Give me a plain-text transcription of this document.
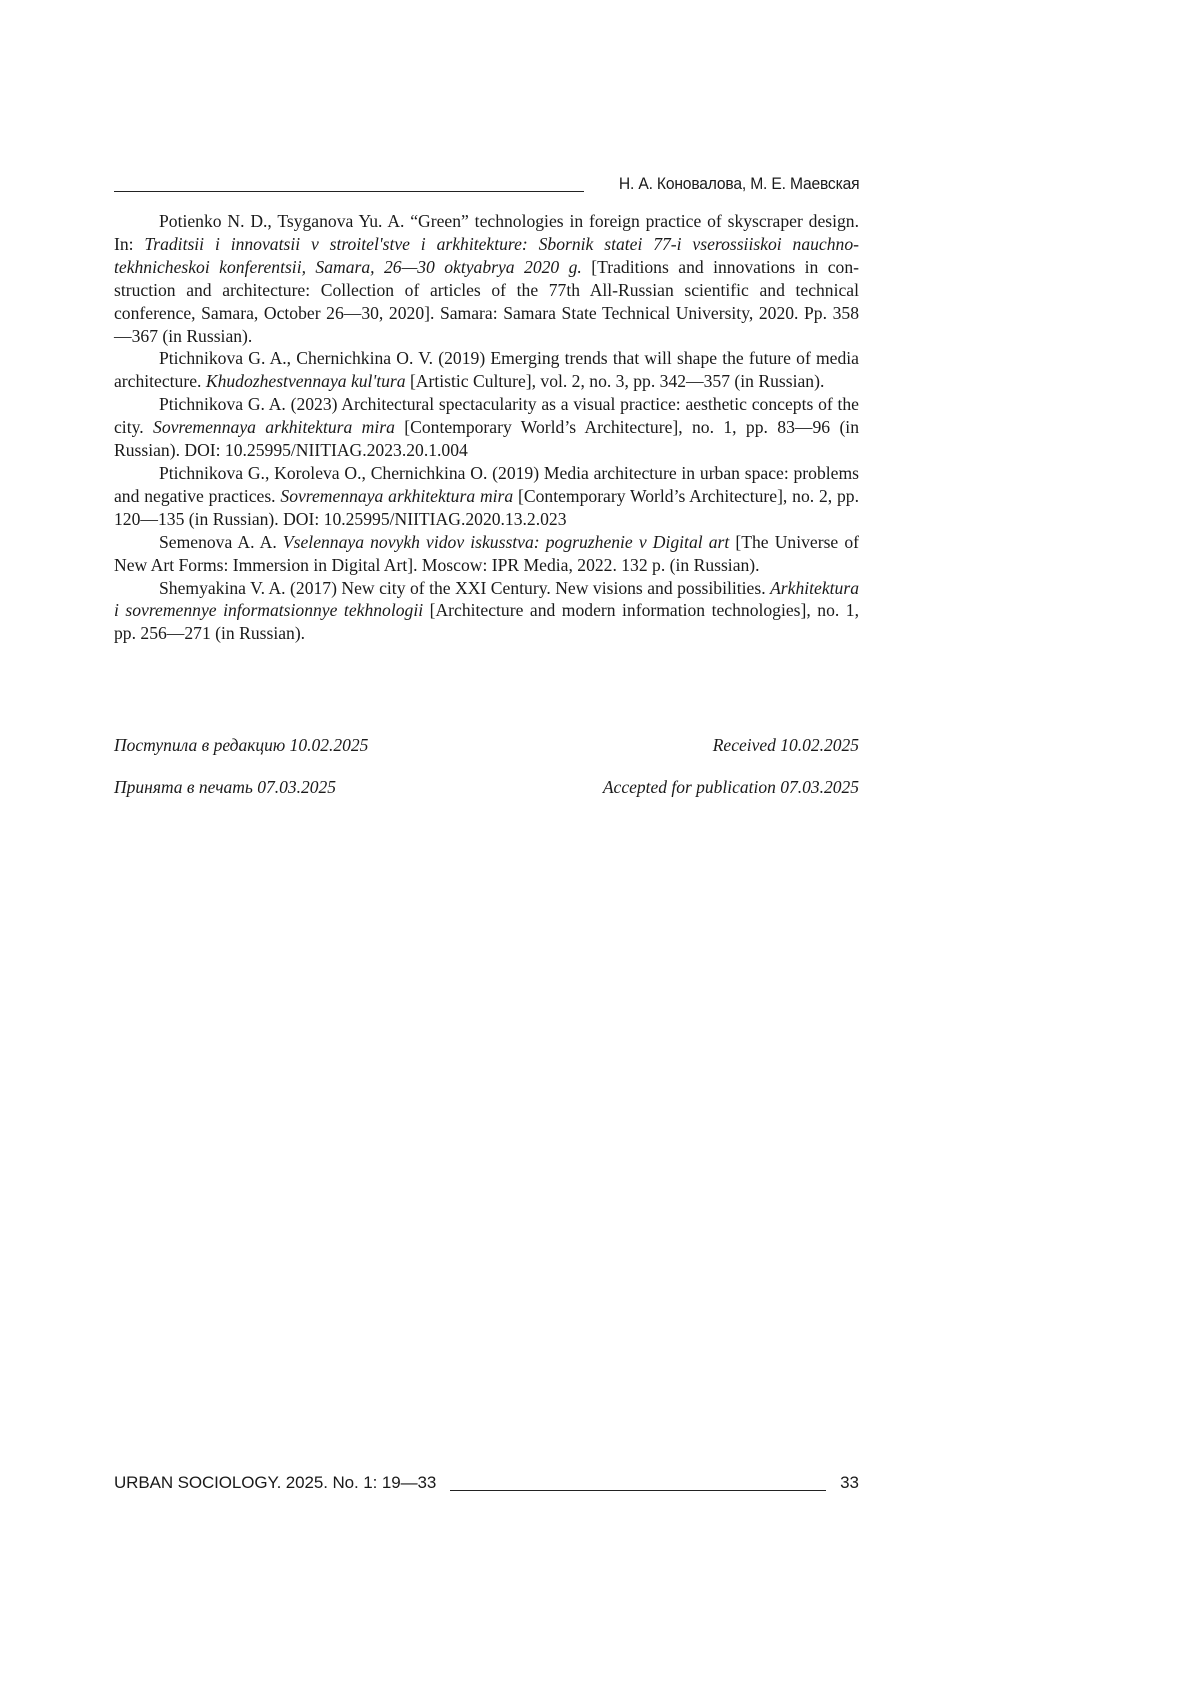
Н. А. Коновалова, М. Е. Маевская

Potienko N. D., Tsyganova Yu. A. “Green” technologies in foreign practice of skyscraper design. In: Traditsii i innovatsii v stroitel'stve i arkhitekture: Sbornik statei 77-i vserossiiskoi nauchnotekhnicheskoi konferentsii, Samara, 26—30 oktyabrya 2020 g. [Traditions and innovations in construction and architecture: Collection of articles of the 77th All-Russian scientific and technical conference, Samara, October 26—30, 2020]. Samara: Samara State Technical University, 2020. Pp. 358—367 (in Russian).

Ptichnikova G. A., Chernichkina O. V. (2019) Emerging trends that will shape the future of media architecture. Khudozhestvennaya kul'tura [Artistic Culture], vol. 2, no. 3, pp. 342—357 (in Russian).

Ptichnikova G. A. (2023) Architectural spectacularity as a visual practice: aesthetic concepts of the city. Sovremennaya arkhitektura mira [Contemporary World’s Architecture], no. 1, pp. 83—96 (in Russian). DOI: 10.25995/NIITIAG.2023.20.1.004

Ptichnikova G., Koroleva O., Chernichkina O. (2019) Media architecture in urban space: problems and negative practices. Sovremennaya arkhitektura mira [Contemporary World’s Architecture], no. 2, pp. 120—135 (in Russian). DOI: 10.25995/NIITIAG.2020.13.2.023

Semenova A. A. Vselennaya novykh vidov iskusstva: pogruzhenie v Digital art [The Universe of New Art Forms: Immersion in Digital Art]. Moscow: IPR Media, 2022. 132 p. (in Russian).

Shemyakina V. A. (2017) New city of the XXI Century. New visions and possibilities. Arkhitektura i sovremennye informatsionnye tekhnologii [Architecture and modern information technologies], no. 1, pp. 256—271 (in Russian).

Поступила в редакцию 10.02.2025	Received 10.02.2025
Принята в печать 07.03.2025	Accepted for publication 07.03.2025
URBAN SOCIOLOGY. 2025. No. 1: 19—33	33
